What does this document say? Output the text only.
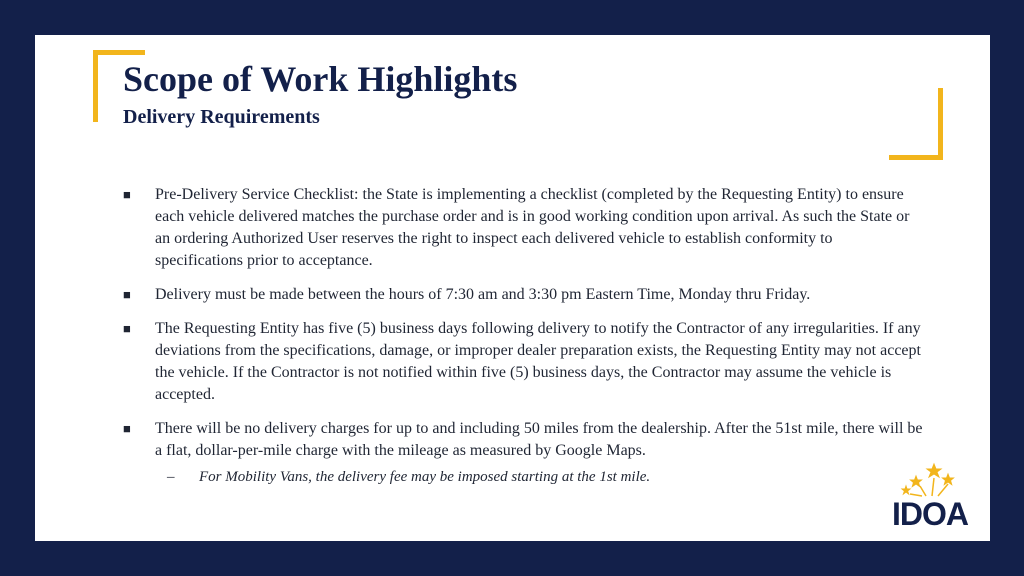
Scope of Work Highlights
Delivery Requirements
■ Pre-Delivery Service Checklist: the State is implementing a checklist (completed by the Requesting Entity) to ensure each vehicle delivered matches the purchase order and is in good working condition upon arrival. As such the State or an ordering Authorized User reserves the right to inspect each delivered vehicle to establish conformity to specifications prior to acceptance.
■ Delivery must be made between the hours of 7:30 am and 3:30 pm Eastern Time, Monday thru Friday.
■ The Requesting Entity has five (5) business days following delivery to notify the Contractor of any irregularities. If any deviations from the specifications, damage, or improper dealer preparation exists, the Requesting Entity may not accept the vehicle. If the Contractor is not notified within five (5) business days, the Contractor may assume the vehicle is accepted.
■ There will be no delivery charges for up to and including 50 miles from the dealership. After the 51st mile, there will be a flat, dollar-per-mile charge with the mileage as measured by Google Maps.
– For Mobility Vans, the delivery fee may be imposed starting at the 1st mile.
IDOA
